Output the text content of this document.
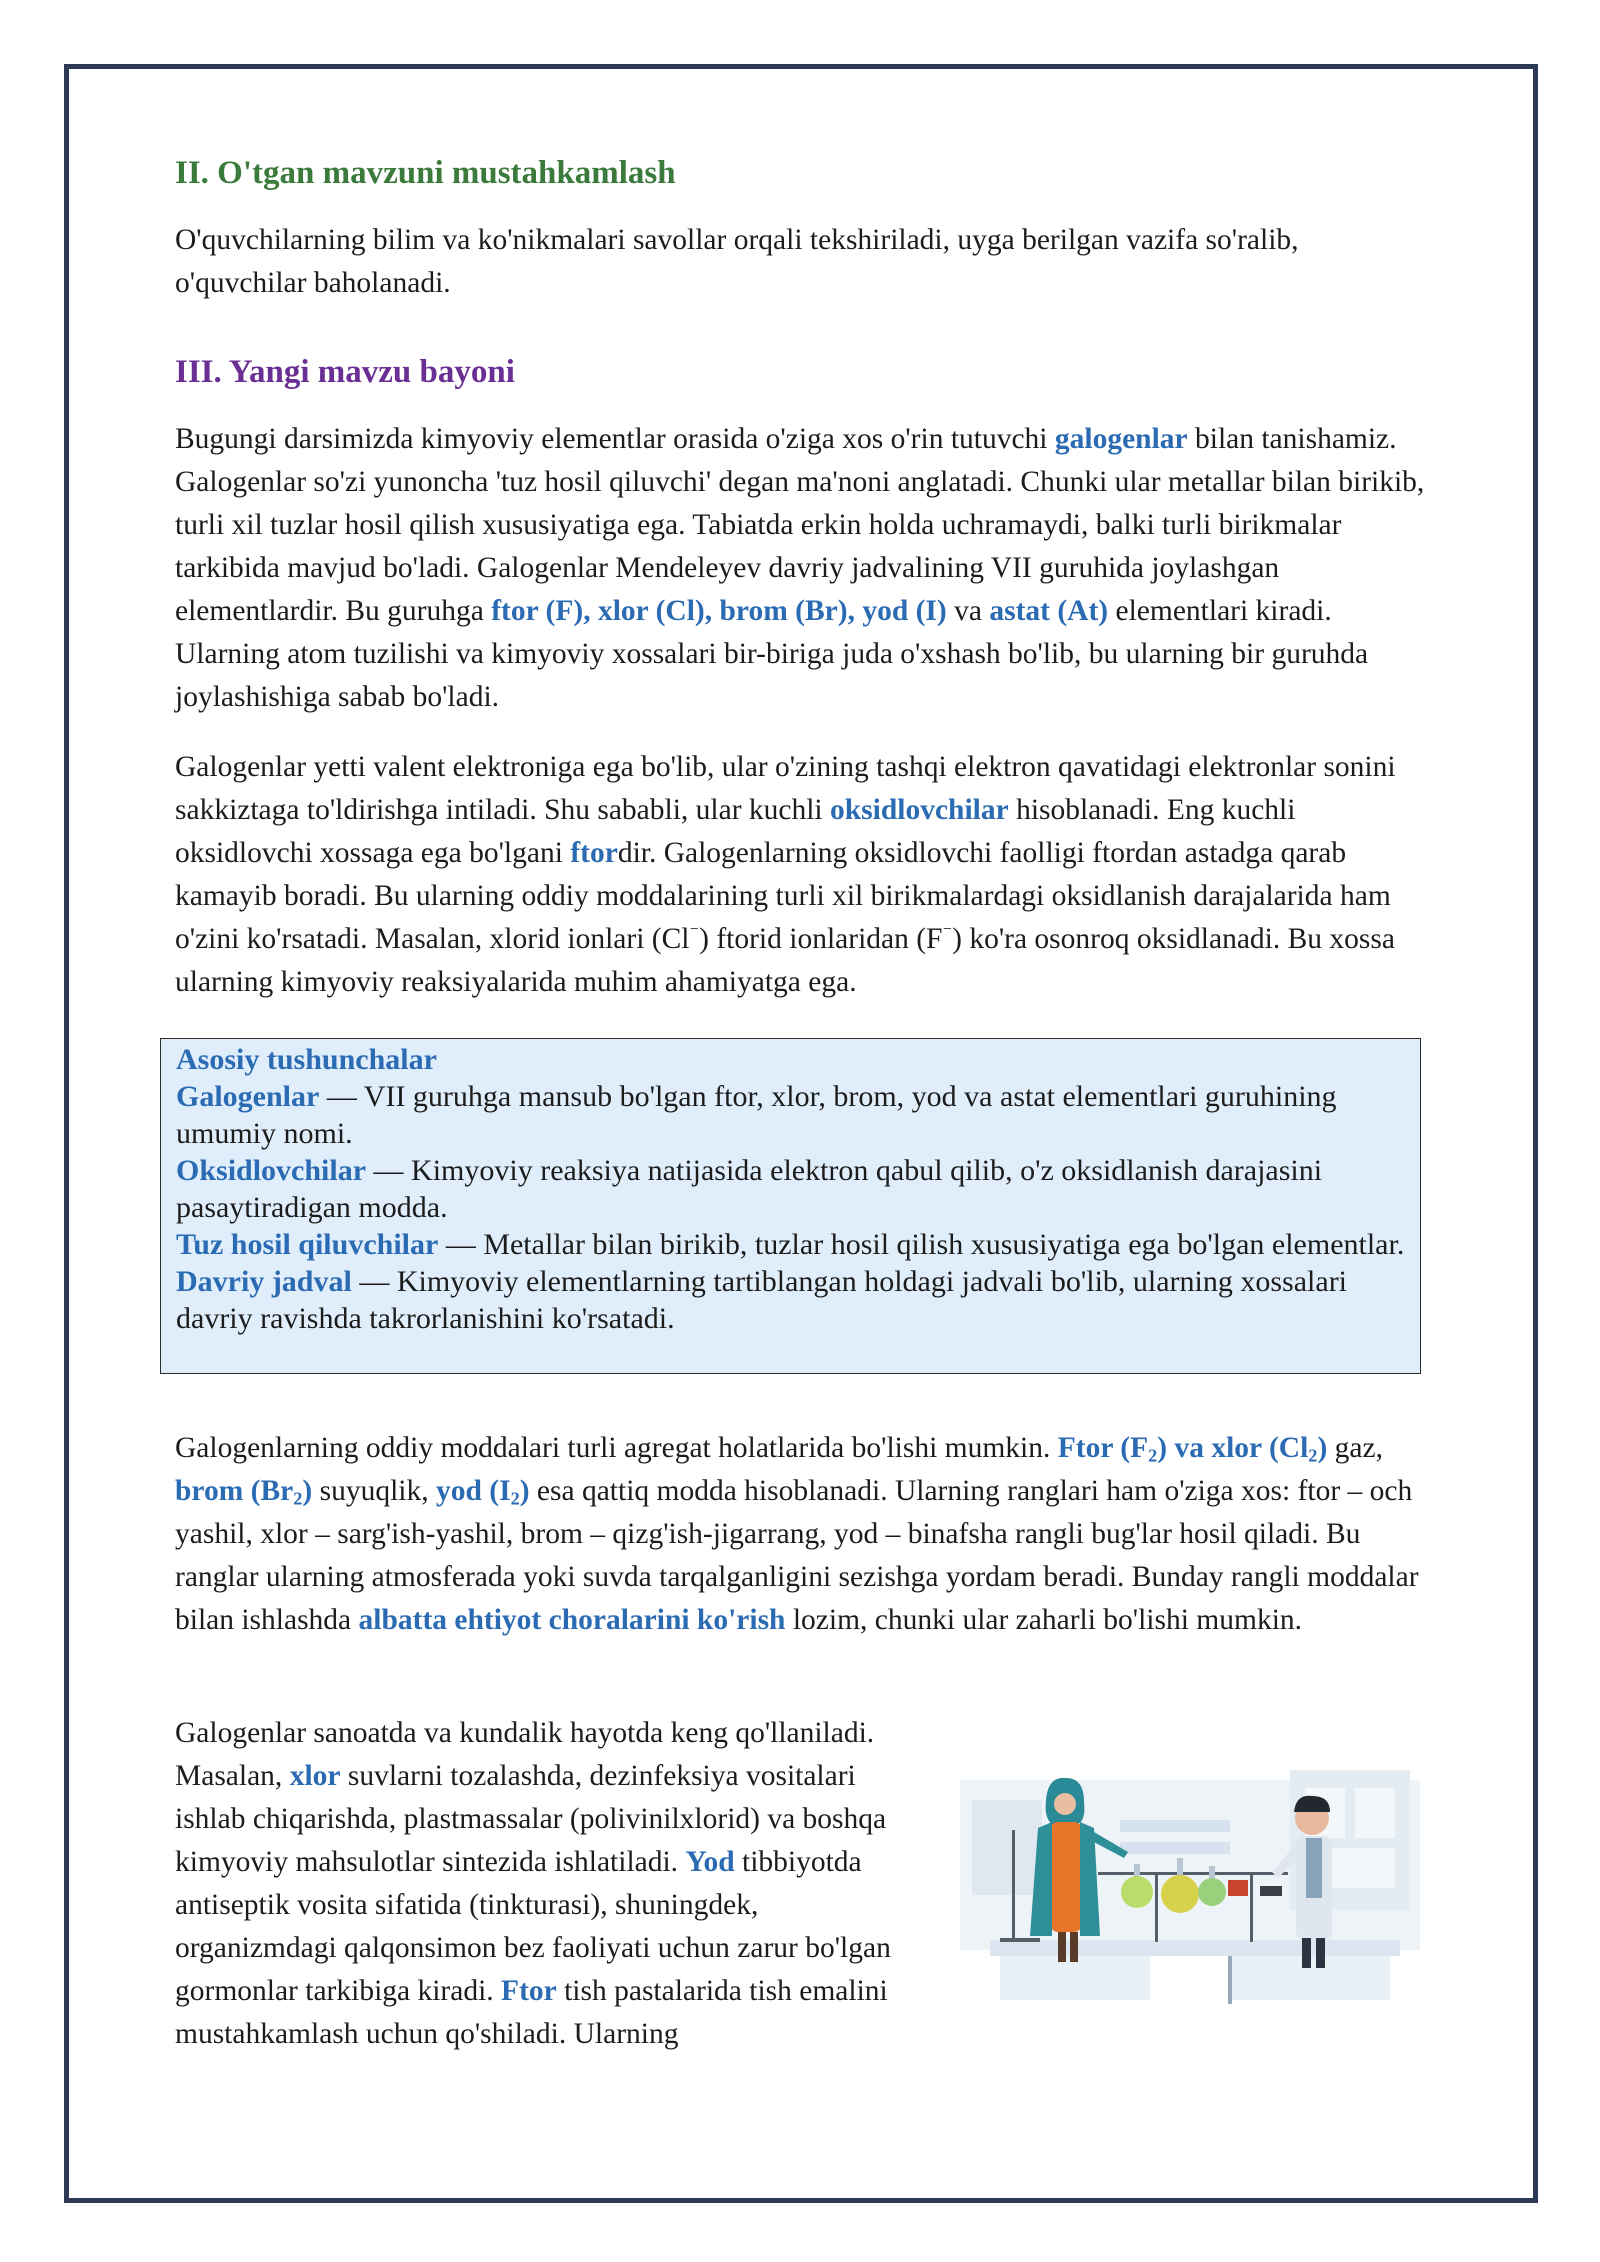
II. O'tgan mavzuni mustahkamlash

O'quvchilarning bilim va ko'nikmalari savollar orqali tekshiriladi, uyga berilgan vazifa so'ralib, o'quvchilar baholanadi.

III. Yangi mavzu bayoni

Bugungi darsimizda kimyoviy elementlar orasida o'ziga xos o'rin tutuvchi galogenlar bilan tanishamiz. Galogenlar so'zi yunoncha 'tuz hosil qiluvchi' degan ma'noni anglatadi. Chunki ular metallar bilan birikib, turli xil tuzlar hosil qilish xususiyatiga ega. Tabiatda erkin holda uchramaydi, balki turli birikmalar tarkibida mavjud bo'ladi. Galogenlar Mendeleyev davriy jadvalining VII guruhida joylashgan elementlardir. Bu guruhga ftor (F), xlor (Cl), brom (Br), yod (I) va astat (At) elementlari kiradi. Ularning atom tuzilishi va kimyoviy xossalari bir-biriga juda o'xshash bo'lib, bu ularning bir guruhda joylashishiga sabab bo'ladi.

Galogenlar yetti valent elektroniga ega bo'lib, ular o'zining tashqi elektron qavatidagi elektronlar sonini sakkiztaga to'ldirishga intiladi. Shu sababli, ular kuchli oksidlovchilar hisoblanadi. Eng kuchli oksidlovchi xossaga ega bo'lgani ftordir. Galogenlarning oksidlovchi faolligi ftordan astadga qarab kamayib boradi. Bu ularning oddiy moddalarining turli xil birikmalardagi oksidlanish darajalarida ham o'zini ko'rsatadi. Masalan, xlorid ionlari (Cl⁻) ftorid ionlaridan (F⁻) ko'ra osonroq oksidlanadi. Bu xossa ularning kimyoviy reaksiyalarida muhim ahamiyatga ega.

Asosiy tushunchalar

Galogenlar — VII guruhga mansub bo'lgan ftor, xlor, brom, yod va astat elementlari guruhining umumiy nomi.

Oksidlovchilar — Kimyoviy reaksiya natijasida elektron qabul qilib, o'z oksidlanish darajasini pasaytiradigan modda.

Tuz hosil qiluvchilar — Metallar bilan birikib, tuzlar hosil qilish xususiyatiga ega bo'lgan elementlar.

Davriy jadval — Kimyoviy elementlarning tartiblangan holdagi jadvali bo'lib, ularning xossalari davriy ravishda takrorlanishini ko'rsatadi.

Galogenlarning oddiy moddalari turli agregat holatlarida bo'lishi mumkin. Ftor $(F_2)$ va xlor $(Cl_2)$ gaz, brom $(Br_2)$ suyuqlik, yod $(I_2)$ esa qattiq modda hisoblanadi. Ularning ranglari ham o'ziga xos: ftor – och yashil, xlor – sarg'ish-yashil, brom – qizg'ish-jigarrang, yod – binafsha rangli bug'lar hosil qiladi. Bu ranglar ularning atmosferada yoki suvda tarqalganligini sezishga yordam beradi. Bunday rangli moddalar bilan ishlashda albatta ehtiyot choralarini ko'rish lozim, chunki ular zaharli bo'lishi mumkin.

Galogenlar sanoatda va kundalik hayotda keng qo'llaniladi. Masalan, xlor suvlarni tozalashda, dezinfeksiya vositalari ishlab chiqarishda, plastmassalar (polivinilxlorid) va boshqa kimyoviy mahsulotlar sintezida ishlatiladi. Yod tibbiyotda antiseptik vosita sifatida (tinkturasi), shuningdek, organizmdagi qalqonsimon bez faoliyati uchun zarur bo'lgan gormonlar tarkibiga kiradi. Ftor tish pastalarida tish emalini mustahkamlash uchun qo'shiladi. Ularning
